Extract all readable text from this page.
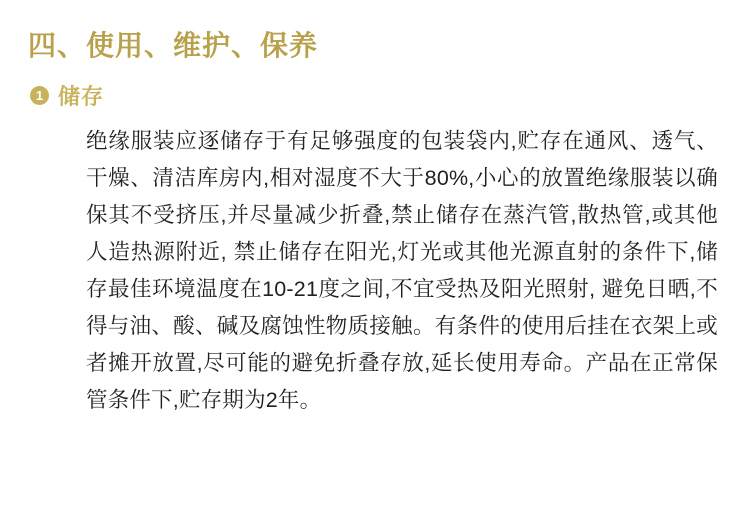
四、使用、维护、保养
1 储存

绝缘服装应逐储存于有足够强度的包装袋内,贮存在通风、透气、干燥、清洁库房内,相对湿度不大于80%,小心的放置绝缘服装以确保其不受挤压,并尽量减少折叠,禁止储存在蒸汽管,散热管,或其他人造热源附近, 禁止储存在阳光,灯光或其他光源直射的条件下,储存最佳环境温度在10-21度之间,不宜受热及阳光照射, 避免日晒,不得与油、酸、碱及腐蚀性物质接触。有条件的使用后挂在衣架上或者摊开放置,尽可能的避免折叠存放,延长使用寿命。产品在正常保管条件下,贮存期为2年。
